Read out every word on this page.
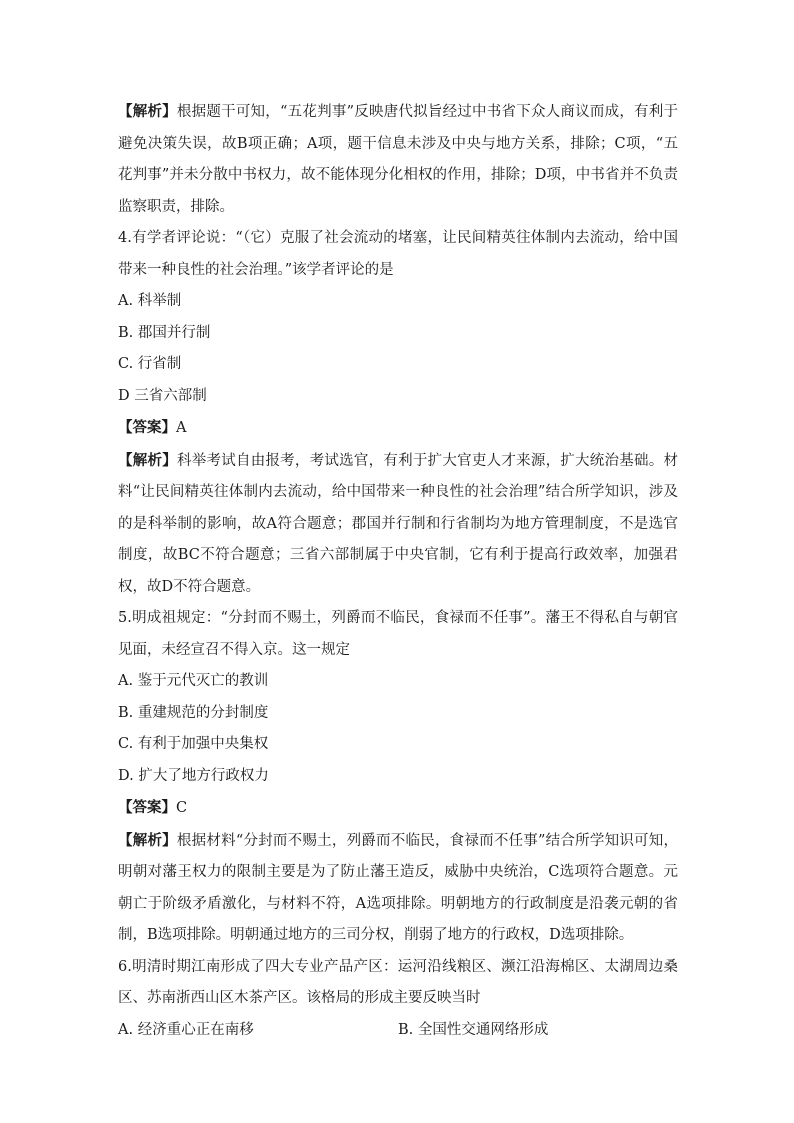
【解析】根据题干可知，“五花判事”反映唐代拟旨经过中书省下众人商议而成，有利于避免决策失误，故B项正确；A项，题干信息未涉及中央与地方关系，排除；C项，“五花判事”并未分散中书权力，故不能体现分化相权的作用，排除；D项，中书省并不负责监察职责，排除。

4.有学者评论说：“（它）克服了社会流动的堵塞，让民间精英往体制内去流动，给中国带来一种良性的社会治理。”该学者评论的是

A. 科举制

B. 郡国并行制

C. 行省制

D 三省六部制

【答案】A

【解析】科举考试自由报考，考试选官，有利于扩大官吏人才来源，扩大统治基础。材料“让民间精英往体制内去流动，给中国带来一种良性的社会治理”结合所学知识，涉及的是科举制的影响，故A符合题意；郡国并行制和行省制均为地方管理制度，不是选官制度，故BC不符合题意；三省六部制属于中央官制，它有利于提高行政效率，加强君权，故D不符合题意。

5.明成祖规定：“分封而不赐土，列爵而不临民，食禄而不任事”。藩王不得私自与朝官见面，未经宣召不得入京。这一规定

A. 鉴于元代灭亡的教训

B. 重建规范的分封制度

C. 有利于加强中央集权

D. 扩大了地方行政权力

【答案】C

【解析】根据材料“分封而不赐土，列爵而不临民，食禄而不任事”结合所学知识可知，明朝对藩王权力的限制主要是为了防止藩王造反，威胁中央统治，C选项符合题意。元朝亡于阶级矛盾激化，与材料不符，A选项排除。明朝地方的行政制度是沿袭元朝的省制，B选项排除。明朝通过地方的三司分权，削弱了地方的行政权，D选项排除。

6.明清时期江南形成了四大专业产品产区：运河沿线粮区、濒江沿海棉区、太湖周边桑区、苏南浙西山区木茶产区。该格局的形成主要反映当时

A. 经济重心正在南移	B. 全国性交通网络形成
